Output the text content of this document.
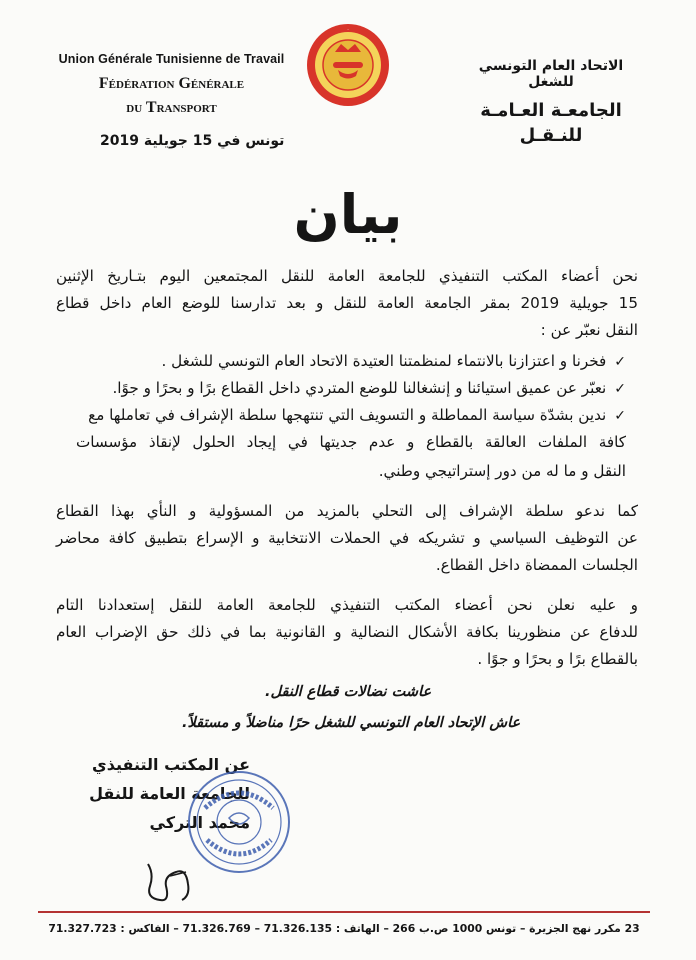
Union Générale Tunisienne de Travail
Fédération Générale
du Transport
تونس في 15 جويلية 2019
.
الاتحاد العام التونسي للشغل
الجامعـة العـامـة
للنـقـل
بيان
نحن أعضاء المكتب التنفيذي للجامعة العامة للنقل المجتمعين اليوم بتـاريخ الإثنين
15 جويلية 2019 بمقر الجامعة العامة للنقل و بعد تدارسنا للوضع العام داخل قطاع
النقل نعبّر عن :
✓فخرنا و اعتزازنا بالانتماء لمنظمتنا العتيدة الاتحاد العام التونسي للشغل .
✓نعبّر عن عميق استيائنا و إنشغالنا للوضع المتردي داخل القطاع برًا و بحرًا و جوًا.
✓ندين بشدّة سياسة المماطلة و التسويف التي تنتهجها سلطة الإشراف في تعاملها مع
كافة الملفات العالقة بالقطاع و عدم جديتها في إيجاد الحلول لإنقاذ مؤسسات
النقل و ما له من دور إستراتيجي وطني.
كما ندعو سلطة الإشراف إلى التحلي بالمزيد من المسؤولية و النأي بهذا القطاع
عن التوظيف السياسي و تشريكه في الحملات الانتخابية و الإسراع بتطبيق كافة محاضر
الجلسات الممضاة داخل القطاع.
و عليه نعلن نحن أعضاء المكتب التنفيذي للجامعة العامة للنقل إستعدادنا التام
للدفاع عن منظورينا بكافة الأشكال النضالية و القانونية بما في ذلك حق الإضراب العام
بالقطاع برًا و بحرًا و جوًا .
عاشت نضالات قطاع النقل.
عاش الإتحاد العام التونسي للشغل حرًا مناضلاً و مستقلاً.
عن المكتب التنفيذي
للجامعة العامة للنقل
محمد التركي
23 مكرر نهج الجزيرة – تونس 1000 ص.ب 266 – الهاتف : 71.326.135 – 71.326.769 – الفاكس : 71.327.723
